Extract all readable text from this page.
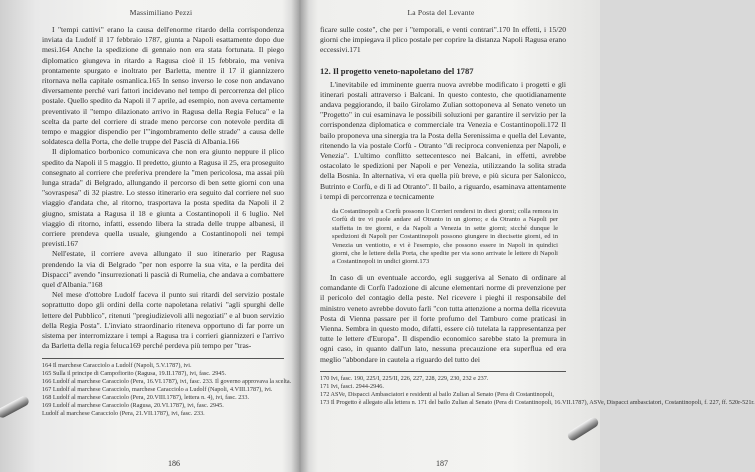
Massimiliano Pezzi

I "tempi cattivi" erano la causa dell'enorme ritardo della corrispondenza inviata da Ludolf il 17 febbraio 1787, giunta a Napoli esattamente dopo due mesi.164 Anche la spedizione di gennaio non era stata fortunata. Il piego diplomatico giungeva in ritardo a Ragusa cioè il 15 febbraio, ma veniva prontamente spurgato e inoltrato per Barletta, mentre il 17 il giannizzero ritornava nella capitale osmanlica.165 In senso inverso le cose non andavano diversamente perché vari fattori incidevano nel tempo di percorrenza del plico postale. Quello spedito da Napoli il 7 aprile, ad esempio, non aveva certamente preventivato il "tempo dilazionato arrivo in Ragusa della Regia Feluca" e la scelta da parte del corriere di strade meno percorse con notevole perdita di tempo e maggior dispendio per l'"ingombramento delle strade" a causa delle soldatesca della Porta, che delle truppe del Pascià di Albania.166

Il diplomatico borbonico comunicava che non era giunto neppure il plico spedito da Napoli il 5 maggio. Il predetto, giunto a Ragusa il 25, era proseguito consegnato al corriere che preferiva prendere la "men pericolosa, ma assai più lunga strada" di Belgrado, allungando il percorso di ben sette giorni con una "sovraspesa" di 32 piastre. Lo stesso itinerario era seguito dal corriere nel suo viaggio d'andata che, al ritorno, trasportava la posta spedita da Napoli il 2 giugno, smistata a Ragusa il 18 e giunta a Costantinopoli il 6 luglio. Nel viaggio di ritorno, infatti, essendo libera la strada delle truppe albanesi, il corriere prendeva quella usuale, giungendo a Costantinopoli nei tempi previsti.167

Nell'estate, il corriere aveva allungato il suo itinerario per Ragusa prendendo la via di Belgrado "per non esporre la sua vita, e la perdita dei Dispacci" avendo "insurrezionati li pascià di Rumelia, che andava a combattere quel d'Albania."168

Nel mese d'ottobre Ludolf faceva il punto sui ritardi del servizio postale soprattutto dopo gli ordini della corte napoletana relativi "agli spurghi delle lettere del Pubblico", ritenuti "pregiudizievoli alli negoziati" e al buon servizio della Regia Posta". L'inviato straordinario riteneva opportuno di far porre un sistema per interromizzare i tempi a Ragusa tra i corrieri giannizzeri e l'arrivo da Barletta della regia feluca169 perché perdeva più tempo per "tras-

164 Il marchese Caracciolo a Ludolf (Napoli, 5.V.1787), ivi.
165 Sulla il principe di Campofiorito (Ragusa, 19.II.1787), ivi, fasc. 2945.
166 Ludolf al marchese Caracciolo (Pera, 16.VI.1787), ivi, fasc. 233. Il governo approvava la scelta.
167 Ludolf al marchese Caracciolo, marchese Caracciolo a Ludolf (Napoli, 4.VIII.1787), ivi.
168 Ludolf al marchese Caracciolo (Pera, 20.VIII.1787), lettera n. 4), ivi, fasc. 233.
169 Ludolf al marchese Caracciolo (Ragusa, 20.VI.1787), ivi, fasc. 2945.
Ludolf al marchese Caracciolo (Pera, 21.VII.1787), ivi, fasc. 233.
186
La Posta del Levante

ficare sulle coste", che per i "temporali, e venti contrari".170 In effetti, i 15/20 giorni che impiegava il plico postale per coprire la distanza Napoli Ragusa erano eccessivi.171

12. Il progetto veneto-napoletano del 1787

L'inevitabile ed imminente guerra nuova avrebbe modificato i progetti e gli itinerari postali attraverso i Balcani. In questo contesto, che quotidianamente andava peggiorando, il bailo Girolamo Zulian sottoponeva al Senato veneto un "Progetto" in cui esaminava le possibili soluzioni per garantire il servizio per la corrispondenza diplomatica e commerciale tra Venezia e Costantinopoli.172 Il bailo proponeva una sinergia tra la Posta della Serenissima e quella del Levante, ritenendo la via postale Corfù - Otranto "di reciproca convenienza per Napoli, e Venezia". L'ultimo conflitto settecentesco nei Balcani, in effetti, avrebbe ostacolato le spedizioni per Napoli e per Venezia, utilizzando la solita strada della Bosnia. In alternativa, vi era quella più breve, e più sicura per Salonicco, Butrinto e Corfù, e di lì ad Otranto". Il bailo, a riguardo, esaminava attentamente i tempi di percorrenza e tecnicamente

da Costantinopoli a Corfù possono li Corrieri rendersi in dieci giorni; colla remora in Corfù di tre vi puole andare ad Otranto in un giorno; e da Otranto a Napoli per staffetta in tre giorni, e da Napoli a Venezia in sette giorni; sicché dunque le spedizioni di Napoli per Costantinopoli possono giungere in diecisette giorni, ed in Venezia un ventiotto, e vi è l'esempio, che possono essere in Napoli in quindici giorni, che le lettere della Porta, che spedite per via sono arrivate le lettere di Napoli a Costantinopoli in undici giorni.173

In caso di un eventuale accordo, egli suggeriva al Senato di ordinare al comandante di Corfù l'adozione di alcune elementari norme di prevenzione per il pericolo del contagio della peste. Nel ricevere i pieghi il responsabile del ministro veneto avrebbe dovuto farli "con tutta attenzione a norma della ricevuta Posta di Vienna passare per il forte profumo del Tamburo come praticasi in Vienna. Sembra in questo modo, difatti, essere ciò tutelata la rappresentanza per tutte le lettere d'Europa". Il dispendio economico sarebbe stato la premura in ogni caso, in quanto dall'un lato, nessuna precauzione era superflua ed era meglio "abbondare in cautela a riguardo del tutto dei

170 Ivi, fasc. 190, 225/I, 225/II, 226, 227, 228, 229, 230, 232 e 237.
171 Ivi, fasci. 2944-2946.
172 ASVe, Dispacci Ambasciatori e residenti al bailo Zulian al Senato (Pera di Costantinopoli,
173 Il Progetto è allegato alla lettera n. 171 del bailo Zulian al Senato (Pera di Costantinopoli, 16.VII.1787), ASVe, Dispacci ambasciatori, Costantinopoli, f. 227, ff. 520r-521r.
187
